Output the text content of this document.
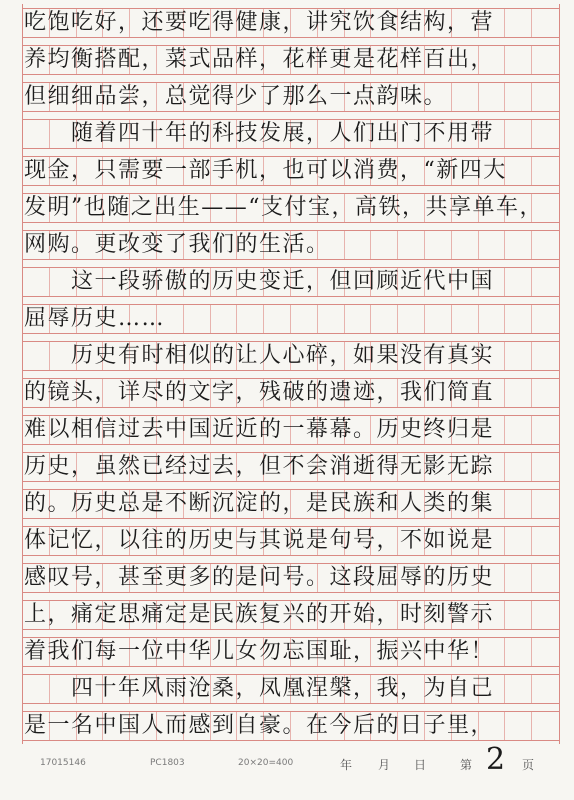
吃饱吃好，还要吃得健康，讲究饮食结构，营
养均衡搭配，菜式品样，花样更是花样百出，
但细细品尝，总觉得少了那么一点韵味。
　　随着四十年的科技发展，人们出门不用带
现金，只需要一部手机，也可以消费，“新四大
发明”也随之出生——“支付宝，高铁，共享单车，
网购。更改变了我们的生活。
　　这一段骄傲的历史变迁，但回顾近代中国
屈辱历史……
　　历史有时相似的让人心碎，如果没有真实
的镜头，详尽的文字，残破的遗迹，我们简直
难以相信过去中国近近的一幕幕。历史终归是
历史，虽然已经过去，但不会消逝得无影无踪
的。历史总是不断沉淀的，是民族和人类的集
体记忆，以往的历史与其说是句号，不如说是
感叹号，甚至更多的是问号。这段屈辱的历史
上，痛定思痛定是民族复兴的开始，时刻警示
着我们每一位中华儿女勿忘国耻，振兴中华！
　　四十年风雨沧桑，凤凰涅槃，我，为自己
是一名中国人而感到自豪。在今后的日子里，
17015146	PC1803	20×20=400	年 月 日	第 2 页
